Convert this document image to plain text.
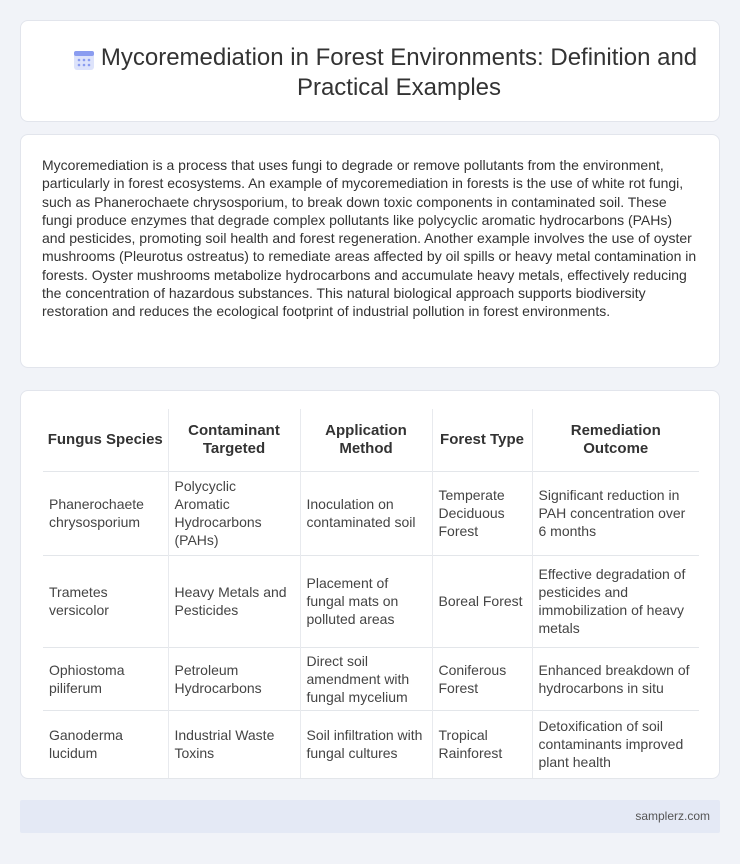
Mycoremediation in Forest Environments: Definition and Practical Examples

Mycoremediation is a process that uses fungi to degrade or remove pollutants from the environment, particularly in forest ecosystems. An example of mycoremediation in forests is the use of white rot fungi, such as Phanerochaete chrysosporium, to break down toxic components in contaminated soil. These fungi produce enzymes that degrade complex pollutants like polycyclic aromatic hydrocarbons (PAHs) and pesticides, promoting soil health and forest regeneration. Another example involves the use of oyster mushrooms (Pleurotus ostreatus) to remediate areas affected by oil spills or heavy metal contamination in forests. Oyster mushrooms metabolize hydrocarbons and accumulate heavy metals, effectively reducing the concentration of hazardous substances. This natural biological approach supports biodiversity restoration and reduces the ecological footprint of industrial pollution in forest environments.

Fungus Species	Contaminant Targeted	Application Method	Forest Type	Remediation Outcome
Phanerochaete chrysosporium	Polycyclic Aromatic Hydrocarbons (PAHs)	Inoculation on contaminated soil	Temperate Deciduous Forest	Significant reduction in PAH concentration over 6 months
Trametes versicolor	Heavy Metals and Pesticides	Placement of fungal mats on polluted areas	Boreal Forest	Effective degradation of pesticides and immobilization of heavy metals
Ophiostoma piliferum	Petroleum Hydrocarbons	Direct soil amendment with fungal mycelium	Coniferous Forest	Enhanced breakdown of hydrocarbons in situ
Ganoderma lucidum	Industrial Waste Toxins	Soil infiltration with fungal cultures	Tropical Rainforest	Detoxification of soil contaminants improved plant health
samplerz.com
